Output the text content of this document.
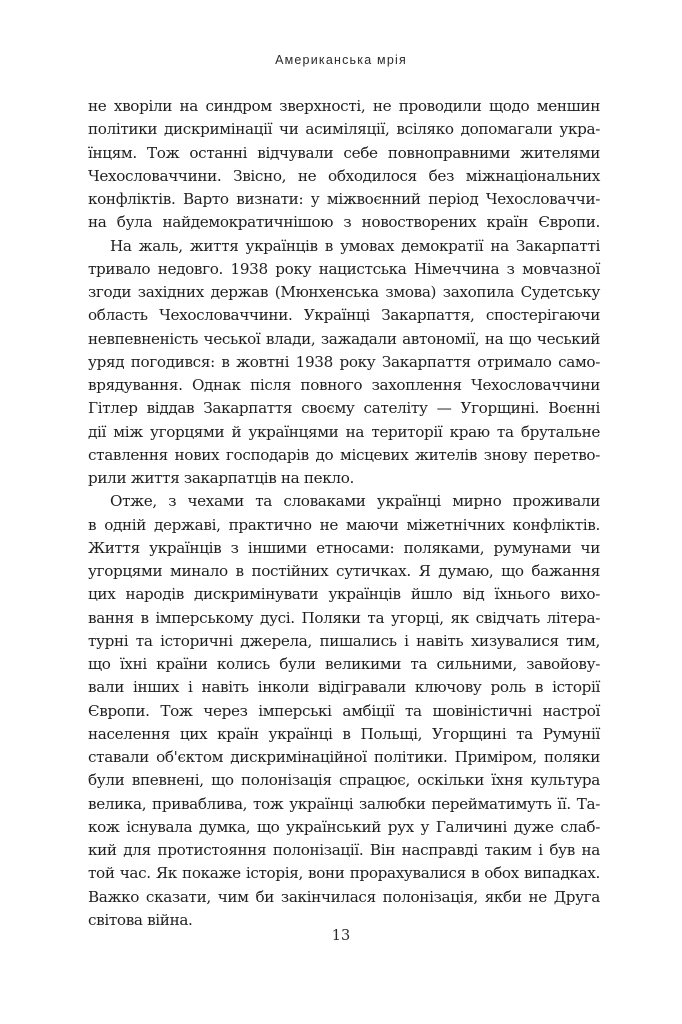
Американська мрія

не хворіли на синдром зверхності, не проводили щодо меншин
політики дискримінації чи асиміляції, всіляко допомагали укра-
їнцям. Тож останні відчували себе повноправними жителями
Чехословаччини. Звісно, не обходилося без міжнаціональних
конфліктів. Варто визнати: у міжвоєнний період Чехословаччи-
на була найдемократичнішою з новостворених країн Європи.
На жаль, життя українців в умовах демократії на Закарпатті
тривало недовго. 1938 року нацистська Німеччина з мовчазної
згоди західних держав (Мюнхенська змова) захопила Судетську
область Чехословаччини. Українці Закарпаття, спостерігаючи
невпевненість чеської влади, зажадали автономії, на що чеський
уряд погодився: в жовтні 1938 року Закарпаття отримало само-
врядування. Однак після повного захоплення Чехословаччини
Гітлер віддав Закарпаття своєму сателіту — Угорщині. Воєнні
дії між угорцями й українцями на території краю та брутальне
ставлення нових господарів до місцевих жителів знову перетво-
рили життя закарпатців на пекло.
Отже, з чехами та словаками українці мирно проживали
в одній державі, практично не маючи міжетнічних конфліктів.
Життя українців з іншими етносами: поляками, румунами чи
угорцями минало в постійних сутичках. Я думаю, що бажання
цих народів дискримінувати українців йшло від їхнього вихо-
вання в імперському дусі. Поляки та угорці, як свідчать літера-
турні та історичні джерела, пишались і навіть хизувалися тим,
що їхні країни колись були великими та сильними, завойову-
вали інших і навіть інколи відігравали ключову роль в історії
Європи. Тож через імперські амбіції та шовіністичні настрої
населення цих країн українці в Польщі, Угорщині та Румунії
ставали об'єктом дискримінаційної політики. Приміром, поляки
були впевнені, що полонізація спрацює, оскільки їхня культура
велика, приваблива, тож українці залюбки перейматимуть її. Та-
кож існувала думка, що український рух у Галичині дуже слаб-
кий для протистояння полонізації. Він насправді таким і був на
той час. Як покаже історія, вони прорахувалися в обох випадках.
Важко сказати, чим би закінчилася полонізація, якби не Друга
світова війна.

13
